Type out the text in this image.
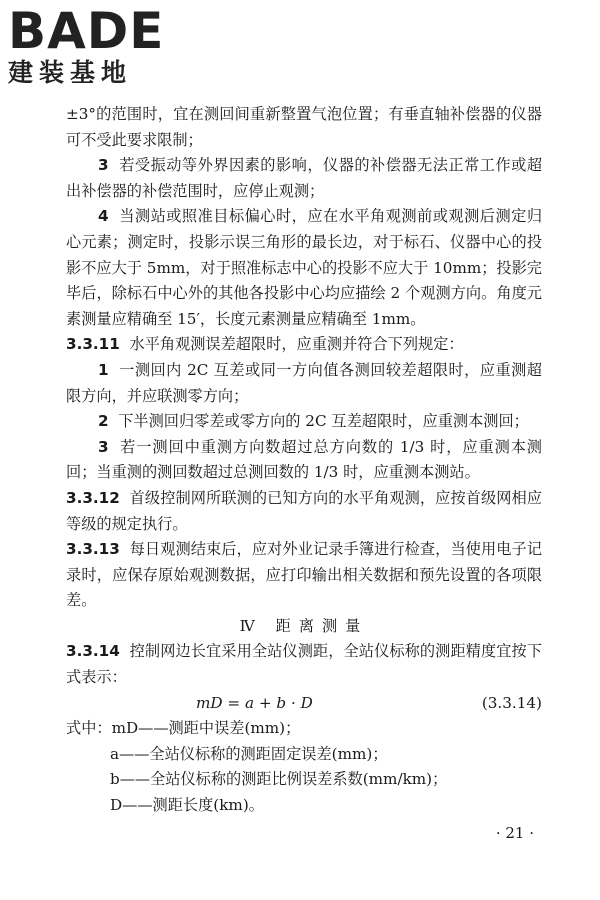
BADE
建装基地

±3°的范围时，宜在测回间重新整置气泡位置；有垂直轴补偿器的仪器可不受此要求限制；

3 若受振动等外界因素的影响，仪器的补偿器无法正常工作或超出补偿器的补偿范围时，应停止观测；

4 当测站或照准目标偏心时，应在水平角观测前或观测后测定归心元素；测定时，投影示误三角形的最长边，对于标石、仪器中心的投影不应大于 5mm，对于照准标志中心的投影不应大于 10mm；投影完毕后，除标石中心外的其他各投影中心均应描绘 2 个观测方向。角度元素测量应精确至 15′，长度元素测量应精确至 1mm。

3.3.11 水平角观测误差超限时，应重测并符合下列规定：

1 一测回内 2C 互差或同一方向值各测回较差超限时，应重测超限方向，并应联测零方向；

2 下半测回归零差或零方向的 2C 互差超限时，应重测本测回；

3 若一测回中重测方向数超过总方向数的 1/3 时，应重测本测回；当重测的测回数超过总测回数的 1/3 时，应重测本测站。

3.3.12 首级控制网所联测的已知方向的水平角观测，应按首级网相应等级的规定执行。

3.3.13 每日观测结束后，应对外业记录手簿进行检查，当使用电子记录时，应保存原始观测数据，应打印输出相关数据和预先设置的各项限差。

Ⅳ 距离测量

3.3.14 控制网边长宜采用全站仪测距，全站仪标称的测距精度宜按下式表示：

mD = a + b · D	(3.3.14)

式中：mD——测距中误差(mm)；

a——全站仪标称的测距固定误差(mm)；

b——全站仪标称的测距比例误差系数(mm/km)；

D——测距长度(km)。

· 21 ·
